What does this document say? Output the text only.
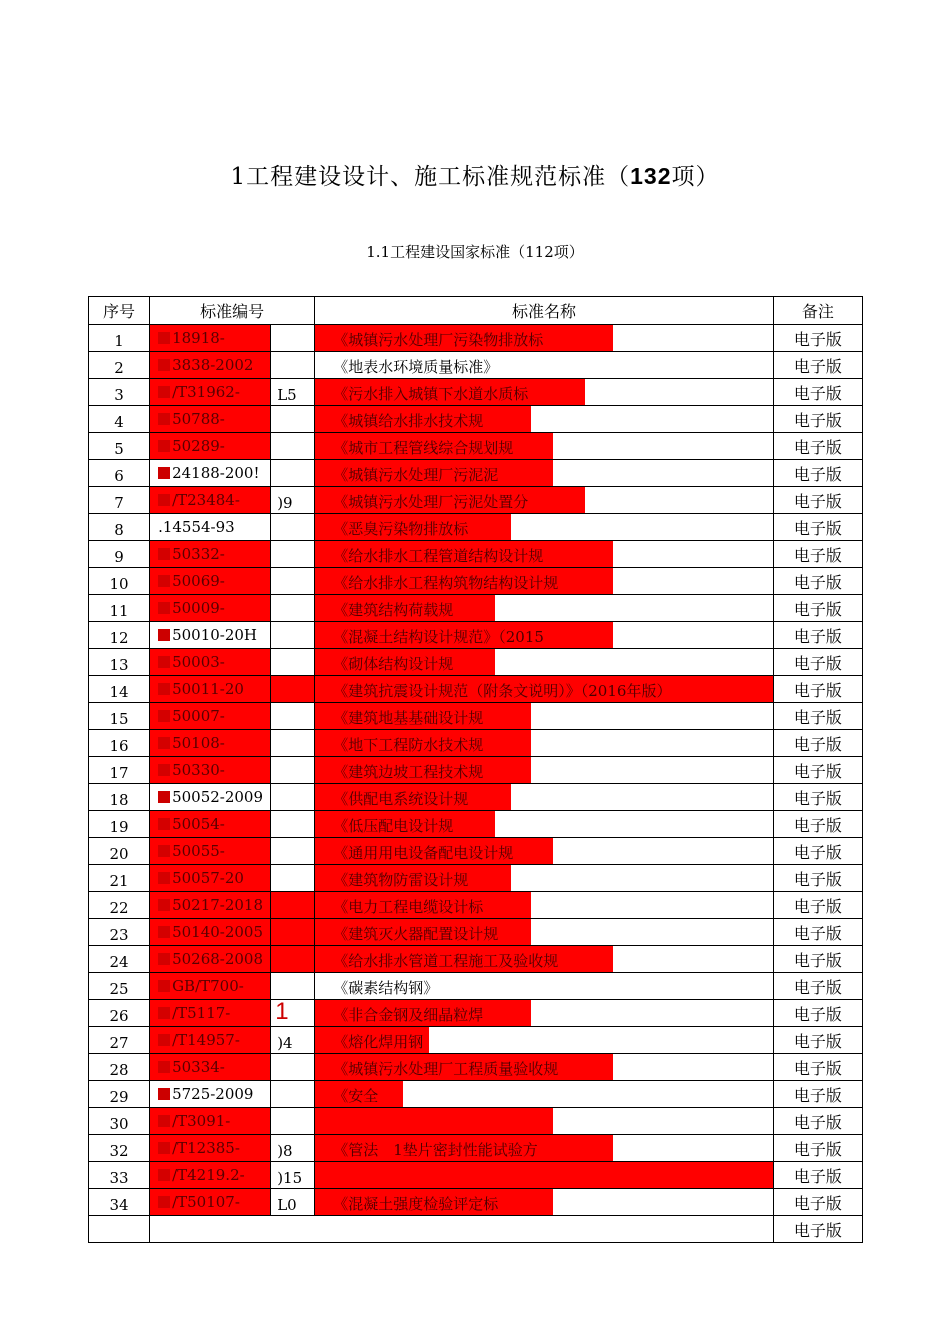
1工程建设设计、施工标准规范标准（132项）
1.1工程建设国家标准（112项）
序号	标准编号		标准名称	备注

1	18918-		《城镇污水处理厂污染物排放标	电子版

2	3838-2002		《地表水环境质量标准》	电子版

3	/T31962-	L5	《污水排入城镇下水道水质标	电子版

4	50788-		《城镇给水排水技术规	电子版

5	50289-		《城市工程管线综合规划规	电子版

6	24188-200!		《城镇污水处理厂污泥泥	电子版

7	/T23484-	)9	《城镇污水处理厂污泥处置分	电子版

8	.14554-93		《恶臭污染物排放标	电子版

9	50332-		《给水排水工程管道结构设计规	电子版

10	50069-		《给水排水工程构筑物结构设计规	电子版

11	50009-		《建筑结构荷载规	电子版

12	50010-20H		《混凝土结构设计规范》（2015	电子版

13	50003-		《砌体结构设计规	电子版

14	50011-20		《建筑抗震设计规范（附条文说明）》（2016年版）	电子版

15	50007-		《建筑地基基础设计规	电子版

16	50108-		《地下工程防水技术规	电子版

17	50330-		《建筑边坡工程技术规	电子版

18	50052-2009		《供配电系统设计规	电子版

19	50054-		《低压配电设计规	电子版

20	50055-		《通用用电设备配电设计规	电子版

21	50057-20		《建筑物防雷设计规	电子版

22	50217-2018		《电力工程电缆设计标	电子版

23	50140-2005		《建筑灭火器配置设计规	电子版

24	50268-2008		《给水排水管道工程施工及验收规	电子版

25	GB/T700-		《碳素结构钢》	电子版

26	/T5117-	1	《非合金钢及细晶粒焊	电子版

27	/T14957-	)4	《熔化焊用钢	电子版

28	50334-		《城镇污水处理厂工程质量验收规	电子版

29	5725-2009		《安全	电子版

30	/T3091-			电子版

32	/T12385-	)8	《管法　1垫片密封性能试验方	电子版

33	/T4219.2-	)15		电子版

34	/T50107-	L0	《混凝土强度检验评定标	电子版

				电子版
